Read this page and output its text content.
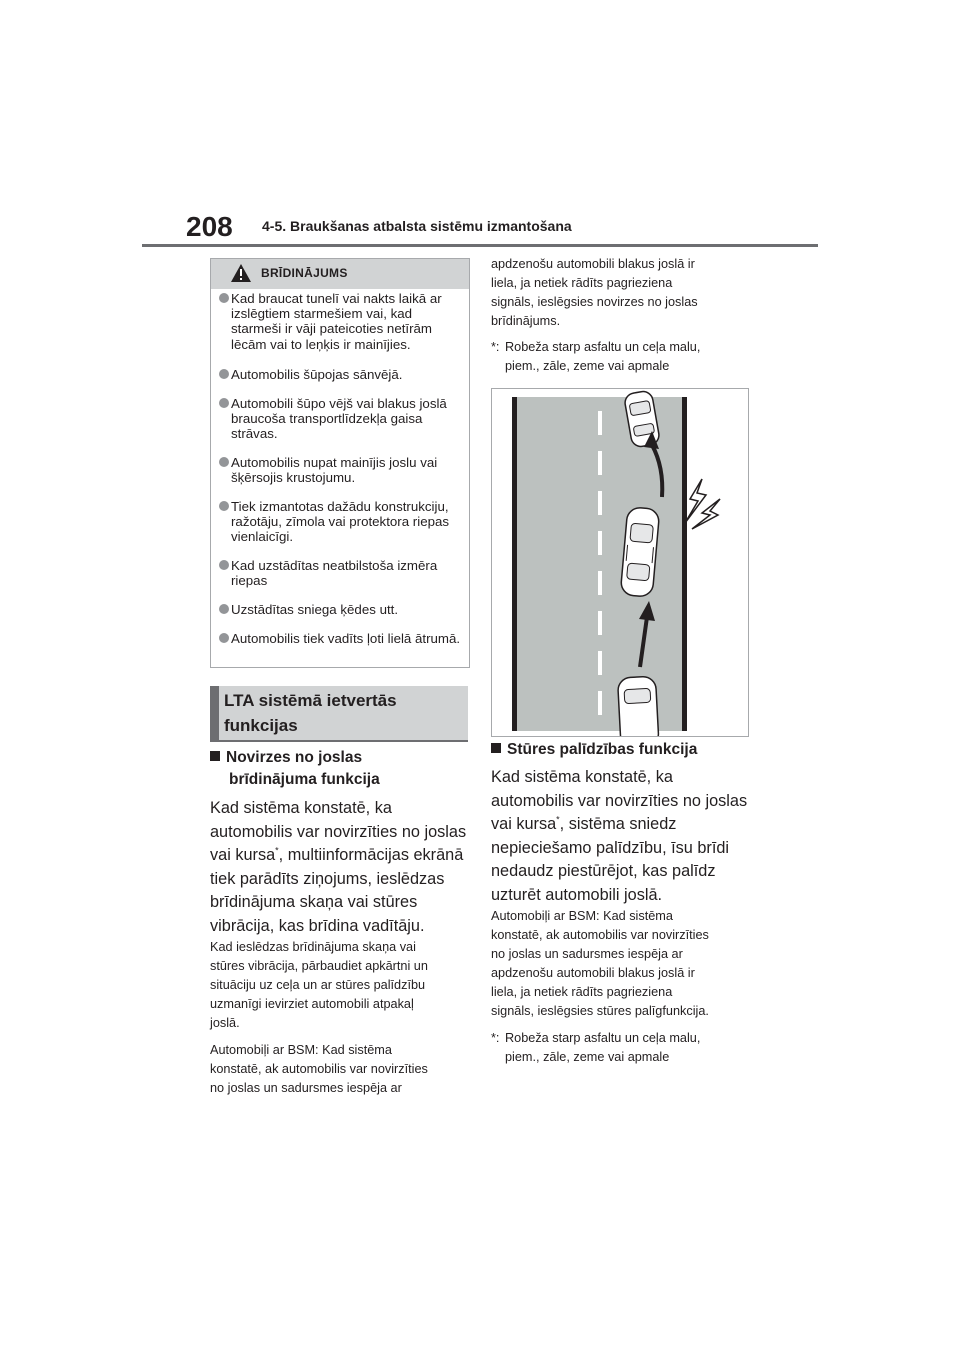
208 4-5. Braukšanas atbalsta sistēmu izmantošana
BRĪDINĀJUMS
Kad braucat tunelī vai nakts laikā ar izslēgtiem starmešiem vai, kad starmeši ir vāji pateicoties netīrām lēcām vai to leņķis ir mainījies.
Automobilis šūpojas sānvējā.
Automobili šūpo vējš vai blakus joslā braucoša transportlīdzekļa gaisa strāvas.
Automobilis nupat mainījis joslu vai šķērsojis krustojumu.
Tiek izmantotas dažādu konstrukciju, ražotāju, zīmola vai protektora riepas vienlaicīgi.
Kad uzstādītas neatbilstoša izmēra riepas
Uzstādītas sniega ķēdes utt.
Automobilis tiek vadīts ļoti lielā ātrumā.
LTA sistēmā ietvertās
funkcijas
Novirzes no joslas
brīdinājuma funkcija
Kad sistēma konstatē, ka
automobilis var novirzīties no joslas
vai kursa*, multiinformācijas ekrānā
tiek parādīts ziņojums, ieslēdzas
brīdinājuma skaņa vai stūres
vibrācija, kas brīdina vadītāju.
Kad ieslēdzas brīdinājuma skaņa vai
stūres vibrācija, pārbaudiet apkārtni un
situāciju uz ceļa un ar stūres palīdzību
uzmanīgi ievirziet automobili atpakaļ
joslā.
Automobiļi ar BSM: Kad sistēma
konstatē, ak automobilis var novirzīties
no joslas un sadursmes iespēja ar
apdzenošu automobili blakus joslā ir
liela, ja netiek rādīts pagrieziena
signāls, ieslēgsies novirzes no joslas
brīdinājums.
*: Robeža starp asfaltu un ceļa malu,
piem., zāle, zeme vai apmale
Stūres palīdzības funkcija
Kad sistēma konstatē, ka
automobilis var novirzīties no joslas
vai kursa*, sistēma sniedz
nepieciešamo palīdzību, īsu brīdi
nedaudz piestūrējot, kas palīdz
uzturēt automobili joslā.
Automobiļi ar BSM: Kad sistēma
konstatē, ak automobilis var novirzīties
no joslas un sadursmes iespēja ar
apdzenošu automobili blakus joslā ir
liela, ja netiek rādīts pagrieziena
signāls, ieslēgsies stūres palīgfunkcija.
*: Robeža starp asfaltu un ceļa malu,
piem., zāle, zeme vai apmale
